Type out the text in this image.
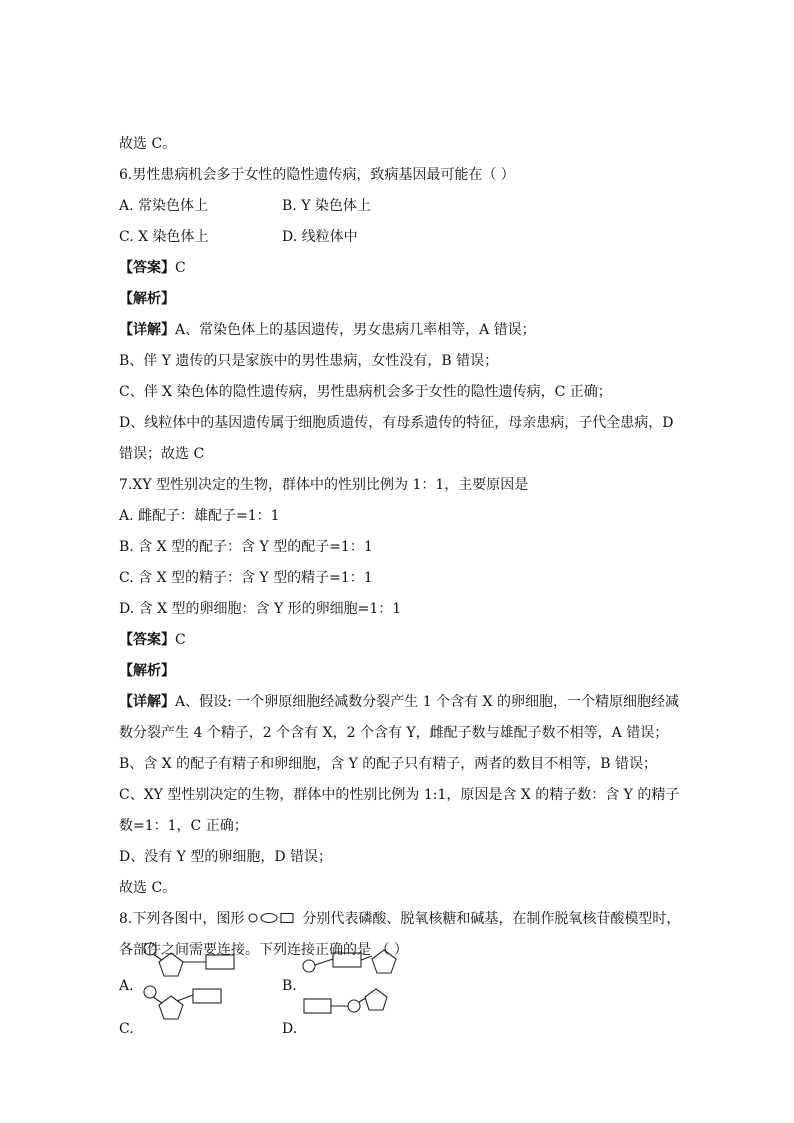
故选 C。
6.男性患病机会多于女性的隐性遗传病，致病基因最可能在（ ）
A. 常染色体上	B. Y 染色体上
C. X 染色体上	D. 线粒体中
【答案】C
【解析】
【详解】A、常染色体上的基因遗传，男女患病几率相等，A 错误；
B、伴 Y 遗传的只是家族中的男性患病，女性没有，B 错误；
C、伴 X 染色体的隐性遗传病，男性患病机会多于女性的隐性遗传病，C 正确；
D、线粒体中的基因遗传属于细胞质遗传，有母系遗传的特征，母亲患病，子代全患病，D
错误；故选 C
7.XY 型性别决定的生物，群体中的性别比例为 1：1，主要原因是
A. 雌配子：雄配子=1：1
B. 含 X 型的配子：含 Y 型的配子=1：1
C. 含 X 型的精子：含 Y 型的精子=1：1
D. 含 X 型的卵细胞：含 Y 形的卵细胞=1：1
【答案】C
【解析】
【详解】A、假设: 一个卵原细胞经减数分裂产生 1 个含有 X 的卵细胞，一个精原细胞经减
数分裂产生 4 个精子，2 个含有 X，2 个含有 Y，雌配子数与雄配子数不相等，A 错误；
B、含 X 的配子有精子和卵细胞，含 Y 的配子只有精子，两者的数目不相等，B 错误；
C、XY 型性别决定的生物，群体中的性别比例为 1:1，原因是含 X 的精子数：含 Y 的精子
数=1：1，C 正确；
D、没有 Y 型的卵细胞，D 错误；
故选 C。
8.下列各图中，图形	分别代表磷酸、脱氧核糖和碱基，在制作脱氧核苷酸模型时，
各部件之间需要连接。下列连接正确的是 （ ）
A.	B.
C.	D.
